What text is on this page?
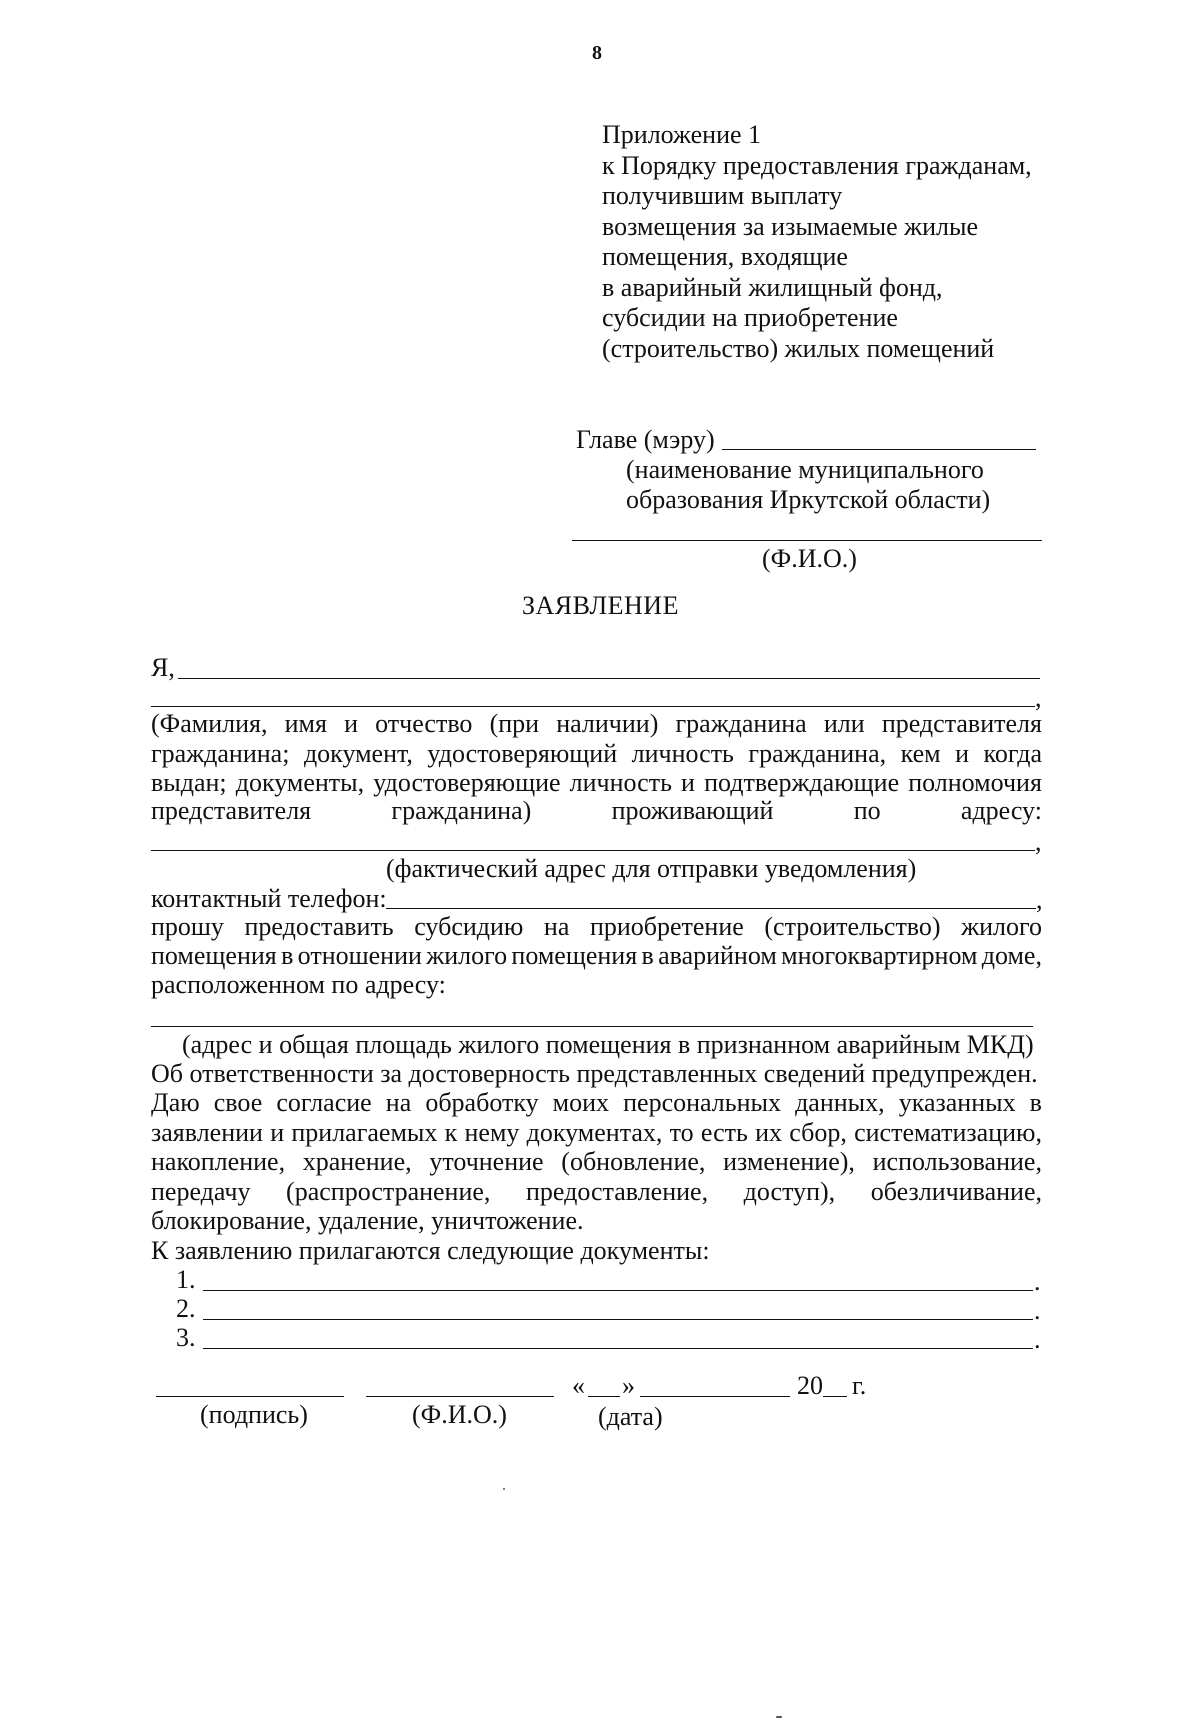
8
Приложение 1
к Порядку предоставления гражданам,
получившим выплату
возмещения за изымаемые жилые
помещения, входящие
в аварийный жилищный фонд,
субсидии на приобретение
(строительство) жилых помещений
Главе (мэру)
(наименование муниципального
образования Иркутской области)
(Ф.И.О.)
ЗАЯВЛЕНИЕ
Я,
,
(Фамилия, имя и отчество (при наличии) гражданина или представителя
гражданина; документ, удостоверяющий личность гражданина, кем и когда
выдан; документы, удостоверяющие личность и подтверждающие полномочия
представителя	гражданина)	проживающий	по	адресу:
,
(фактический адрес для отправки уведомления)
контактный телефон:	,
прошу предоставить субсидию на приобретение (строительство) жилого
помещения в отношении жилого помещения в аварийном многоквартирном доме,
расположенном по адресу:
(адрес и общая площадь жилого помещения в признанном аварийным МКД)
Об ответственности за достоверность представленных сведений предупрежден.
Даю свое согласие на обработку моих персональных данных, указанных в
заявлении и прилагаемых к нему документах, то есть их сбор, систематизацию,
накопление, хранение, уточнение (обновление, изменение), использование,
передачу (распространение, предоставление, доступ), обезличивание,
блокирование, удаление, уничтожение.
К заявлению прилагаются следующие документы:
1.	.
2.	.
3.	.
« »	20 г.
(подпись)	(Ф.И.О.)	(дата)
